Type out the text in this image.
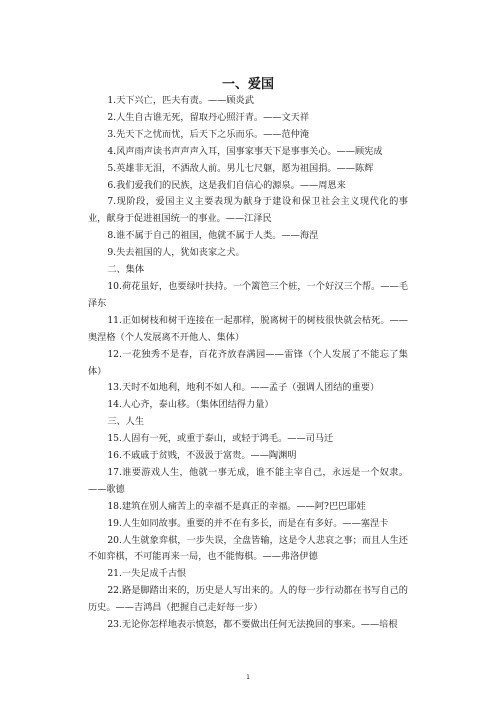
一、爱国

1.天下兴亡，匹夫有责。——顾炎武

2.人生自古谁无死，留取丹心照汗青。——文天祥

3.先天下之忧而忧，后天下之乐而乐。——范仲淹

4.风声雨声读书声声声入耳，国事家事天下是事事关心。——顾宪成

5.英雄非无泪，不洒敌人前。男儿七尺躯，愿为祖国捐。——陈辉

6.我们爱我们的民族，这是我们自信心的源泉。——周恩来

7.现阶段，爱国主义主要表现为献身于建设和保卫社会主义现代化的事业，献身于促进祖国统一的事业。——江泽民

8.谁不属于自己的祖国，他就不属于人类。——海涅

9.失去祖国的人，犹如丧家之犬。

二、集体

10.荷花虽好，也要绿叶扶持。一个篱笆三个桩，一个好汉三个帮。——毛泽东

11.正如树枝和树干连接在一起那样，脱离树干的树枝很快就会枯死。——奥涅格（个人发展离不开他人、集体）

12.一花独秀不是春，百花齐放春满园——雷锋（个人发展了不能忘了集体）

13.天时不如地利，地利不如人和。——孟子（强调人团结的重要）

14.人心齐，泰山移。（集体团结得力量）

三、人生

15.人固有一死，或重于泰山，或轻于鸿毛。——司马迁

16.不戚戚于贫贱，不汲汲于富贵。——陶渊明

17.谁要游戏人生，他就一事无成，谁不能主宰自己，永远是一个奴隶。——歌德

18.建筑在别人痛苦上的幸福不是真正的幸福。——阿?巴巴耶娃

19.人生如同故事。重要的并不在有多长，而是在有多好。——塞涅卡

20.人生就象弈棋，一步失误，全盘皆输，这是令人悲哀之事；而且人生还不如弈棋，不可能再来一局，也不能悔棋。——弗洛伊德

21.一失足成千古恨

22.路是脚踏出来的，历史是人写出来的。人的每一步行动都在书写自己的历史。——吉鸿昌（把握自己走好每一步）

23.无论你怎样地表示愤怒，都不要做出任何无法挽回的事来。——培根

1
